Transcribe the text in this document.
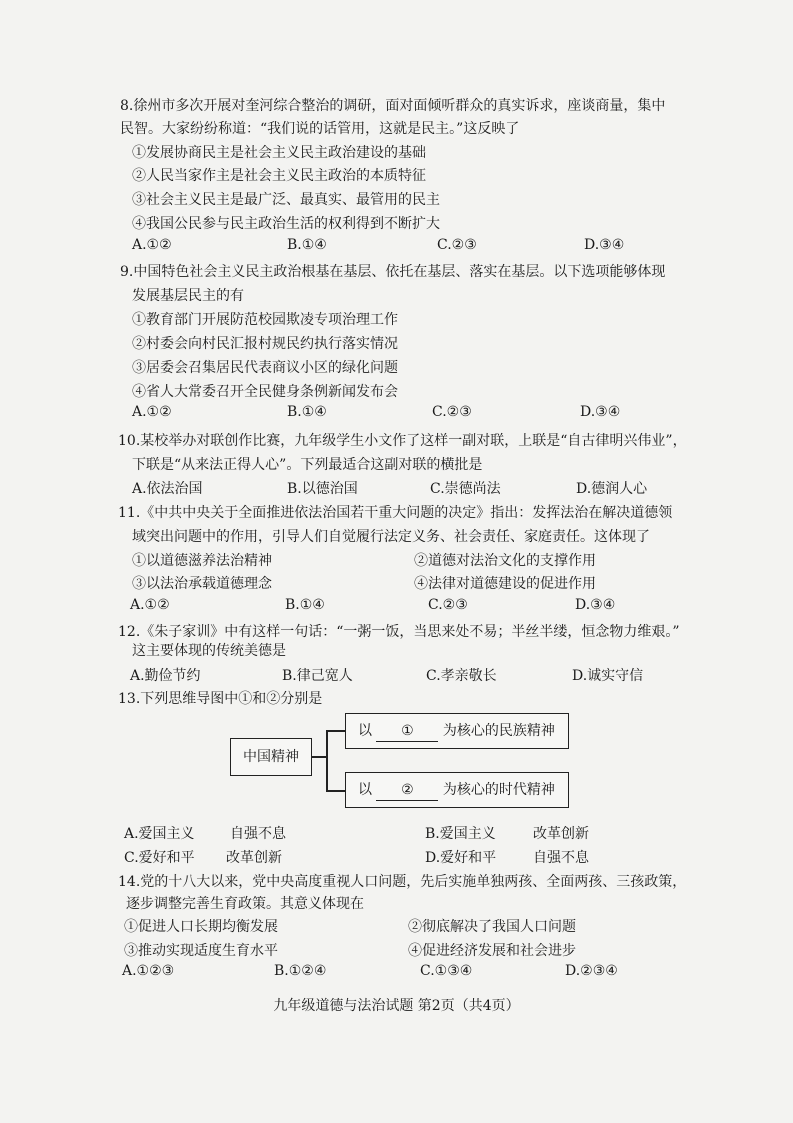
8.徐州市多次开展对奎河综合整治的调研，面对面倾听群众的真实诉求，座谈商量，集中
民智。大家纷纷称道：“我们说的话管用，这就是民主。”这反映了
①发展协商民主是社会主义民主政治建设的基础
②人民当家作主是社会主义民主政治的本质特征
③社会主义民主是最广泛、最真实、最管用的民主
④我国公民参与民主政治生活的权利得到不断扩大
A.①②	B.①④	C.②③	D.③④
9.中国特色社会主义民主政治根基在基层、依托在基层、落实在基层。以下选项能够体现
发展基层民主的有
①教育部门开展防范校园欺凌专项治理工作
②村委会向村民汇报村规民约执行落实情况
③居委会召集居民代表商议小区的绿化问题
④省人大常委召开全民健身条例新闻发布会
A.①②	B.①④	C.②③	D.③④
10.某校举办对联创作比赛，九年级学生小文作了这样一副对联，上联是“自古律明兴伟业”，
下联是“从来法正得人心”。下列最适合这副对联的横批是
A.依法治国	B.以德治国	C.崇德尚法	D.德润人心
11.《中共中央关于全面推进依法治国若干重大问题的决定》指出：发挥法治在解决道德领
域突出问题中的作用，引导人们自觉履行法定义务、社会责任、家庭责任。这体现了
①以道德滋养法治精神	②道德对法治文化的支撑作用
③以法治承载道德理念	④法律对道德建设的促进作用
A.①②	B.①④	C.②③	D.③④
12.《朱子家训》中有这样一句话：“一粥一饭，当思来处不易；半丝半缕，恒念物力维艰。”
这主要体现的传统美德是
A.勤俭节约	B.律己宽人	C.孝亲敬长	D.诚实守信
13.下列思维导图中①和②分别是
中国精神
以 ① 为核心的民族精神
以 ② 为核心的时代精神
A.爱国主义	自强不息	B.爱国主义	改革创新
C.爱好和平 改革创新	D.爱好和平	自强不息
14.党的十八大以来，党中央高度重视人口问题，先后实施单独两孩、全面两孩、三孩政策，
逐步调整完善生育政策。其意义体现在
①促进人口长期均衡发展	②彻底解决了我国人口问题
③推动实现适度生育水平	④促进经济发展和社会进步
A.①②③	B.①②④	C.①③④	D.②③④
九年级道德与法治试题 第2页（共4页）
